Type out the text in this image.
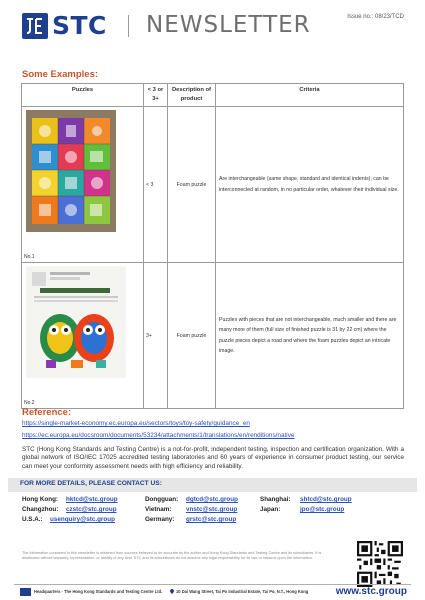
STC NEWSLETTER	Issue no.: 08/23/TCD
Some Examples:
Puzzles	< 3 or 3+	Description of product	Criteria

No.1	< 3	Foam puzzle	Are interchangeable (same shape, standard and identical indents); can be interconnected at random, in no particular order, whatever their individual size.

No.2	3+	Foam puzzle	Puzzles with pieces that are not interchangeable, much smaller and there are many more of them (full size of finished puzzle is 31 by 22 cm) where the puzzle pieces depict a road and where the foam puzzles depict an intricate image.
Reference:
https://single-market-economy.ec.europa.eu/sectors/toys/toy-safety/guidance_en
https://ec.europa.eu/docsroom/documents/53234/attachments/1/translations/en/renditions/native

STC (Hong Kong Standards and Testing Centre) is a not-for-profit, independent testing, inspection and certification organization. With a global network of ISO/IEC 17025 accredited testing laboratories and 60 years of experience in consumer product testing, our service can meet your conformity assessment needs with high efficiency and reliability.

FOR MORE DETAILS, PLEASE CONTACT US:
Hong Kong: hktcd@stc.group	Dongguan: dgtcd@stc.group	Shanghai: shtcd@stc.group
Changzhou: czstc@stc.group	Vietnam: vnstc@stc.group	Japan:	jpo@stc.group
U.S.A.: usenquiry@stc.group	Germany: grstc@stc.group

The information contained in this newsletter is obtained from sources believed to be accurate by the author and Hong Kong Standards and Testing Centre and its subsidiaries. It is distributed without warranty, representation, or liability of any kind. STC and its subsidiaries do not assume any legal responsibility for its use or reliance upon the information.

Headquarters - The Hong Kong Standards and Testing Centre Ltd.	10 Dai Wang Street, Tai Po Industrial Estate, Tai Po, N.T., Hong Kong	www.stc.group
